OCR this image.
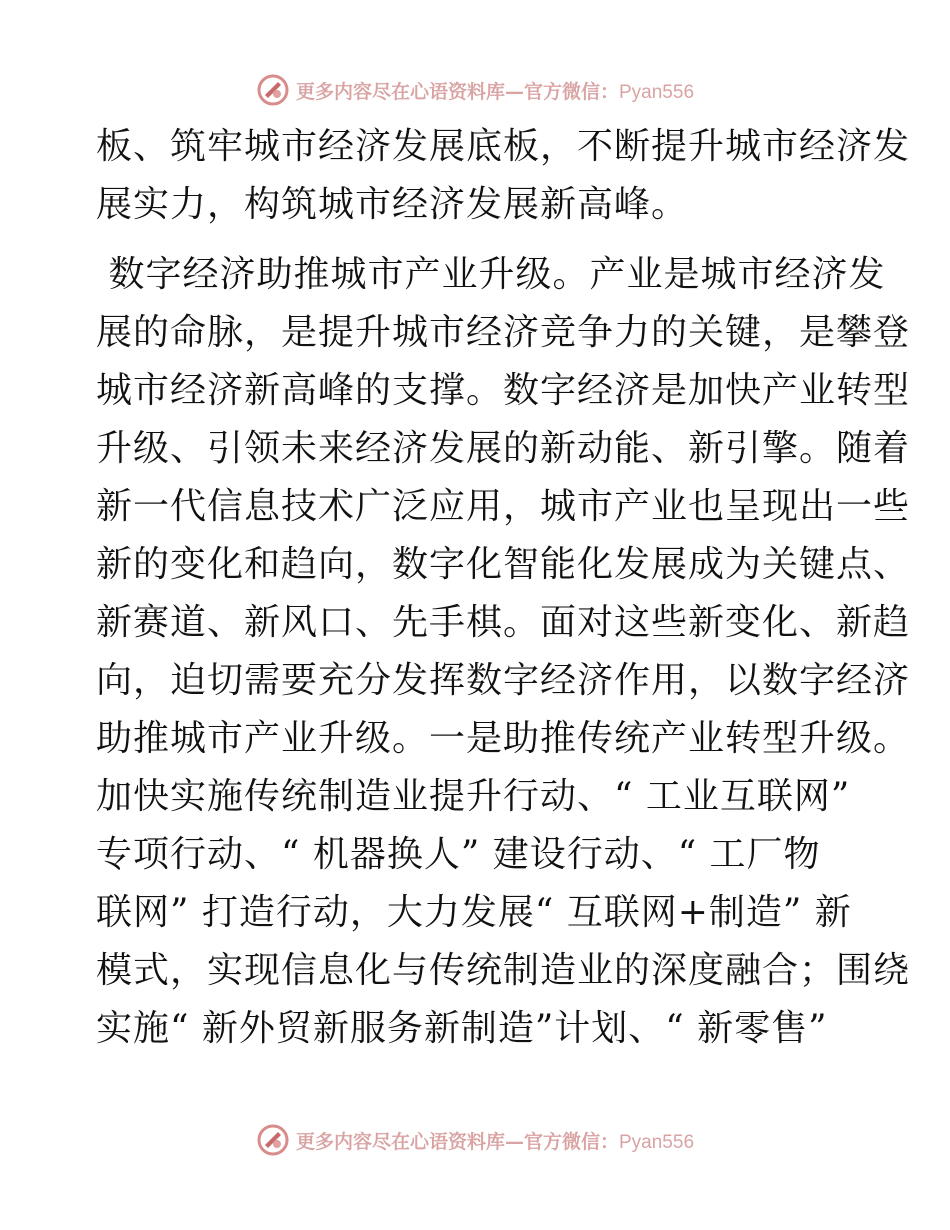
更多内容尽在心语资料库—官方微信：Pyan556
板、筑牢城市经济发展底板，不断提升城市经济发
展实力，构筑城市经济发展新高峰。
数字经济助推城市产业升级。产业是城市经济发
展的命脉，是提升城市经济竞争力的关键，是攀登
城市经济新高峰的支撑。数字经济是加快产业转型
升级、引领未来经济发展的新动能、新引擎。随着
新一代信息技术广泛应用，城市产业也呈现出一些
新的变化和趋向，数字化智能化发展成为关键点、
新赛道、新风口、先手棋。面对这些新变化、新趋
向，迫切需要充分发挥数字经济作用，以数字经济
助推城市产业升级。一是助推传统产业转型升级。
加快实施传统制造业提升行动、“ 工业互联网”
专项行动、“ 机器换人” 建设行动、“ 工厂物
联网” 打造行动，大力发展“ 互联网+制造” 新
模式，实现信息化与传统制造业的深度融合；围绕
实施“ 新外贸新服务新制造”计划、“ 新零售”
更多内容尽在心语资料库—官方微信：Pyan556
